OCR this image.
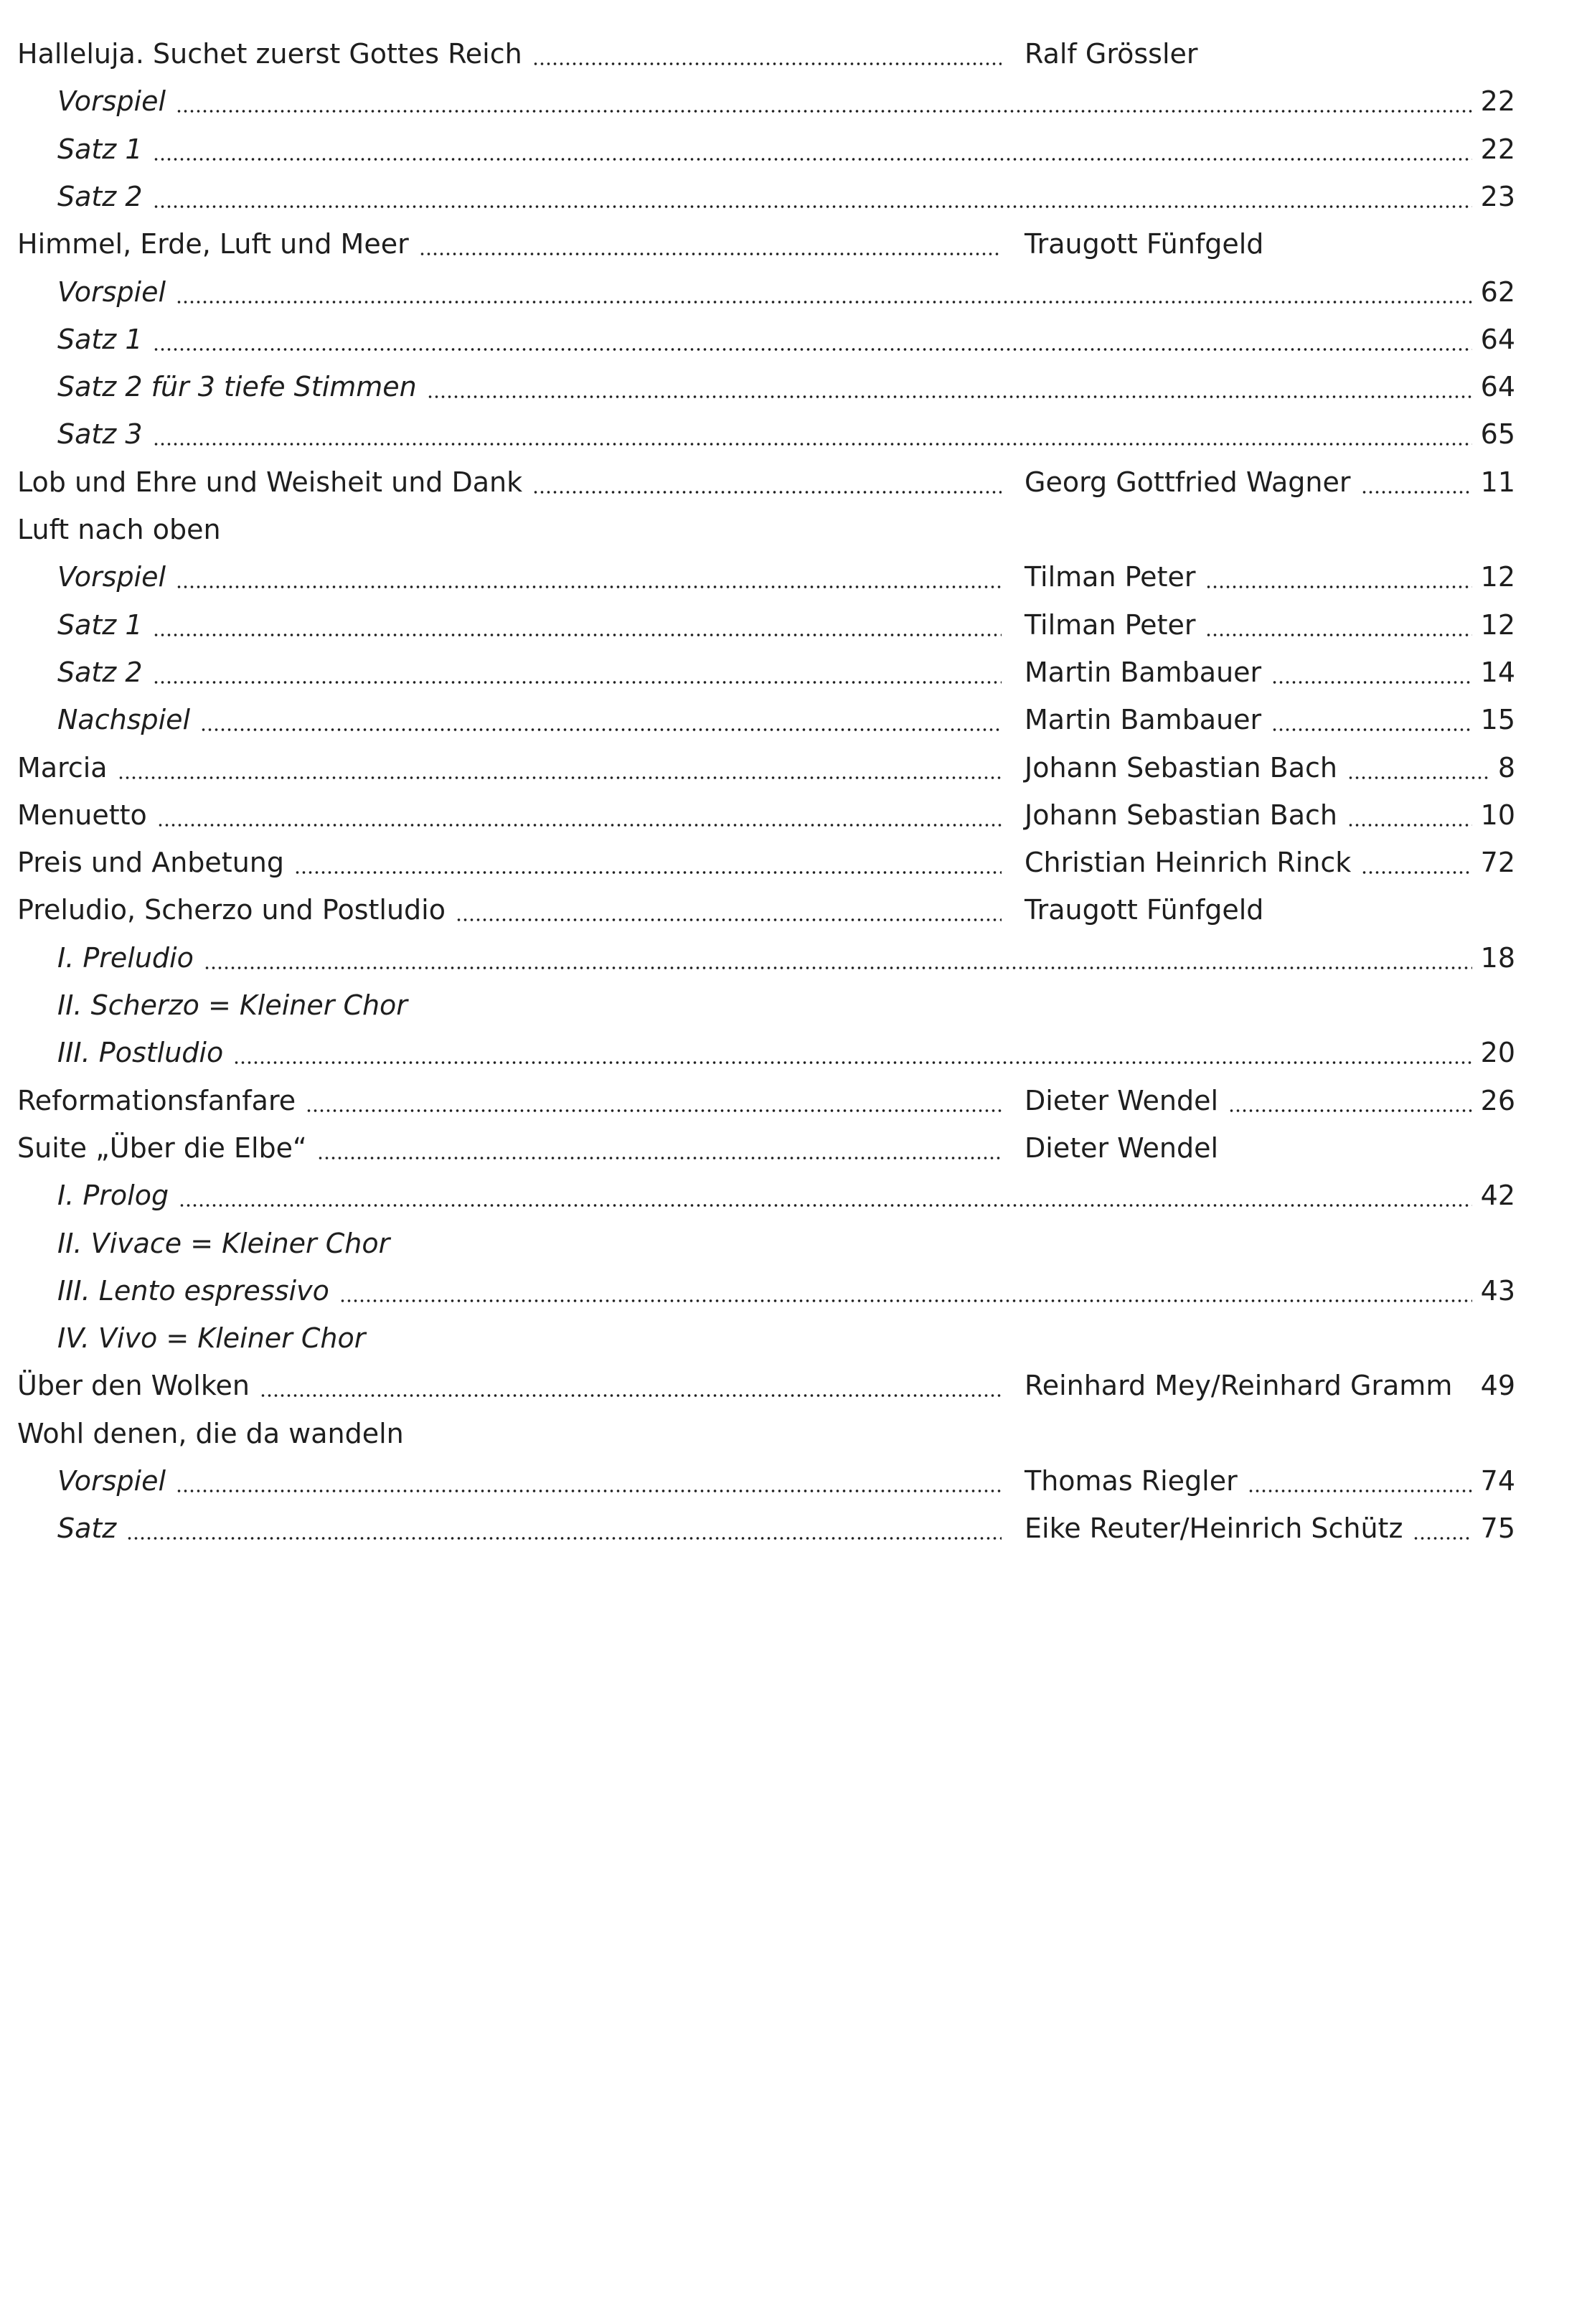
Halleluja. Suchet zuerst Gottes Reich	Ralf Grössler
Vorspiel	22
Satz 1	22
Satz 2	23
Himmel, Erde, Luft und Meer	Traugott Fünfgeld
Vorspiel	62
Satz 1	64
Satz 2 für 3 tiefe Stimmen	64
Satz 3	65
Lob und Ehre und Weisheit und Dank	Georg Gottfried Wagner	11
Luft nach oben
Vorspiel	Tilman Peter	12
Satz 1	Tilman Peter	12
Satz 2	Martin Bambauer	14
Nachspiel	Martin Bambauer	15
Marcia	Johann Sebastian Bach	8
Menuetto	Johann Sebastian Bach	10
Preis und Anbetung	Christian Heinrich Rinck	72
Preludio, Scherzo und Postludio	Traugott Fünfgeld
I. Preludio	18
II. Scherzo = Kleiner Chor
III. Postludio	20
Reformationsfanfare	Dieter Wendel	26
Suite „Über die Elbe“	Dieter Wendel
I. Prolog	42
II. Vivace = Kleiner Chor
III. Lento espressivo	43
IV. Vivo = Kleiner Chor
Über den Wolken	Reinhard Mey/Reinhard Gramm	49
Wohl denen, die da wandeln
Vorspiel	Thomas Riegler	74
Satz	Eike Reuter/Heinrich Schütz	75
